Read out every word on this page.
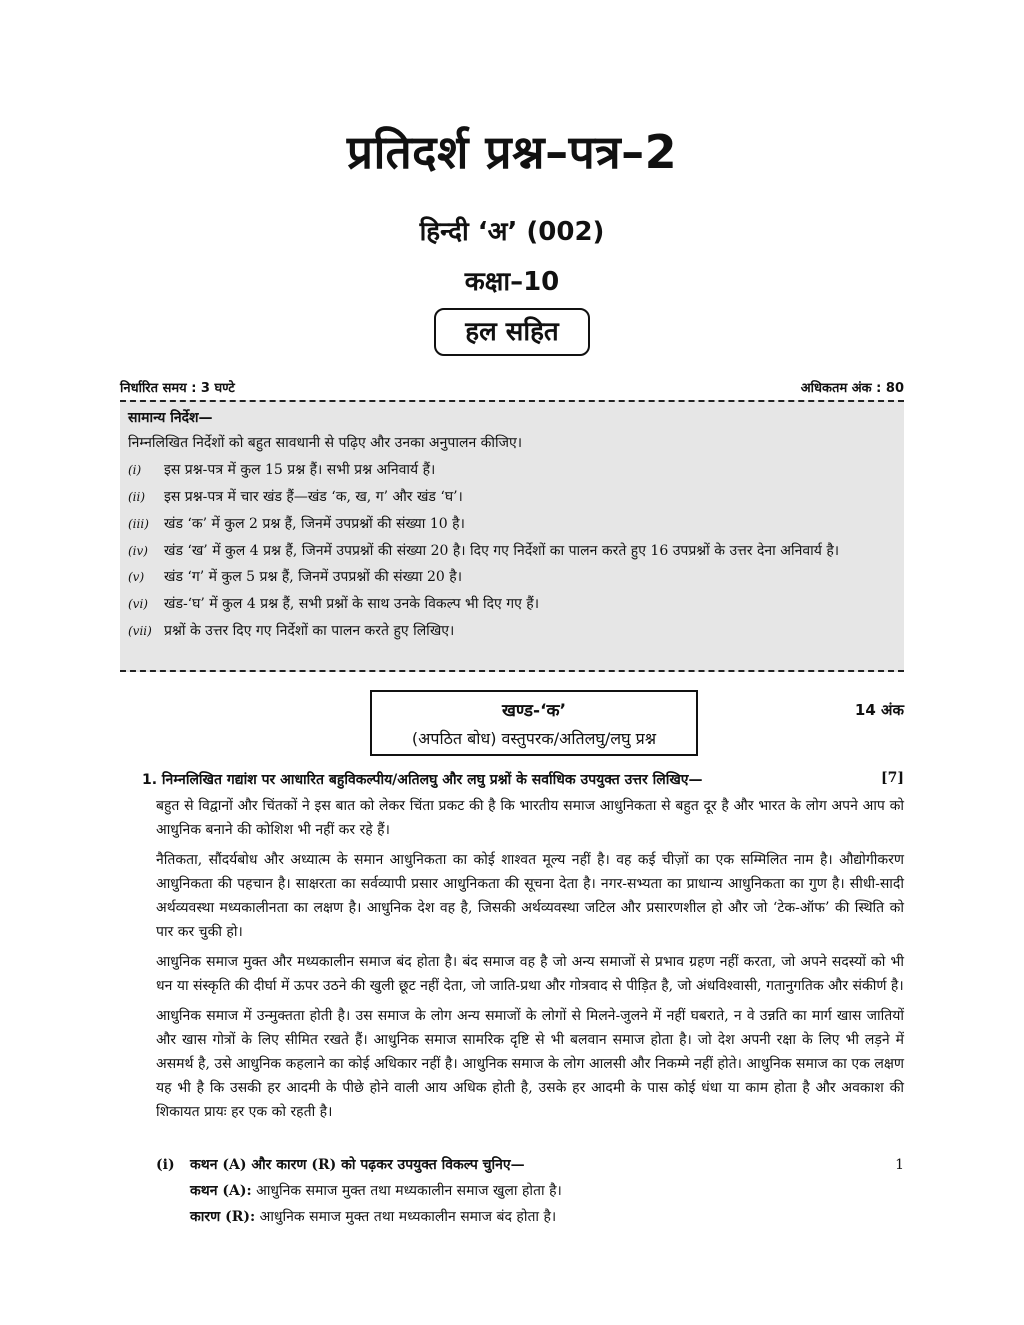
प्रतिदर्श प्रश्न–पत्र–2
हिन्दी ‘अ’ (002)
कक्षा–10
हल सहित
निर्धारित समय : 3 घण्टे	अधिकतम अंक : 80
सामान्य निर्देश—
निम्नलिखित निर्देशों को बहुत सावधानी से पढ़िए और उनका अनुपालन कीजिए।
(i) इस प्रश्न-पत्र में कुल 15 प्रश्न हैं। सभी प्रश्न अनिवार्य हैं।
(ii) इस प्रश्न-पत्र में चार खंड हैं—खंड ‘क, ख, ग’ और खंड ‘घ’।
(iii) खंड ‘क’ में कुल 2 प्रश्न हैं, जिनमें उपप्रश्नों की संख्या 10 है।
(iv) खंड ‘ख’ में कुल 4 प्रश्न हैं, जिनमें उपप्रश्नों की संख्या 20 है। दिए गए निर्देशों का पालन करते हुए 16 उपप्रश्नों के उत्तर देना अनिवार्य है।
(v) खंड ‘ग’ में कुल 5 प्रश्न हैं, जिनमें उपप्रश्नों की संख्या 20 है।
(vi) खंड-‘घ’ में कुल 4 प्रश्न हैं, सभी प्रश्नों के साथ उनके विकल्प भी दिए गए हैं।
(vii) प्रश्नों के उत्तर दिए गए निर्देशों का पालन करते हुए लिखिए।
खण्ड-‘क’
(अपठित बोध) वस्तुपरक/अतिलघु/लघु प्रश्न
14 अंक
1. निम्नलिखित गद्यांश पर आधारित बहुविकल्पीय/अतिलघु और लघु प्रश्नों के सर्वाधिक उपयुक्त उत्तर लिखिए—	[7]

बहुत से विद्वानों और चिंतकों ने इस बात को लेकर चिंता प्रकट की है कि भारतीय समाज आधुनिकता से बहुत दूर है और भारत के लोग अपने आप को आधुनिक बनाने की कोशिश भी नहीं कर रहे हैं।

नैतिकता, सौंदर्यबोध और अध्यात्म के समान आधुनिकता का कोई शाश्वत मूल्य नहीं है। वह कई चीज़ों का एक सम्मिलित नाम है। औद्योगीकरण आधुनिकता की पहचान है। साक्षरता का सर्वव्यापी प्रसार आधुनिकता की सूचना देता है। नगर-सभ्यता का प्राधान्य आधुनिकता का गुण है। सीधी-सादी अर्थव्यवस्था मध्यकालीनता का लक्षण है। आधुनिक देश वह है, जिसकी अर्थव्यवस्था जटिल और प्रसारणशील हो और जो ‘टेक-ऑफ’ की स्थिति को पार कर चुकी हो।

आधुनिक समाज मुक्त और मध्यकालीन समाज बंद होता है। बंद समाज वह है जो अन्य समाजों से प्रभाव ग्रहण नहीं करता, जो अपने सदस्यों को भी धन या संस्कृति की दीर्घा में ऊपर उठने की खुली छूट नहीं देता, जो जाति-प्रथा और गोत्रवाद से पीड़ित है, जो अंधविश्वासी, गतानुगतिक और संकीर्ण है।

आधुनिक समाज में उन्मुक्तता होती है। उस समाज के लोग अन्य समाजों के लोगों से मिलने-जुलने में नहीं घबराते, न वे उन्नति का मार्ग खास जातियों और खास गोत्रों के लिए सीमित रखते हैं। आधुनिक समाज सामरिक दृष्टि से भी बलवान समाज होता है। जो देश अपनी रक्षा के लिए भी लड़ने में असमर्थ है, उसे आधुनिक कहलाने का कोई अधिकार नहीं है। आधुनिक समाज के लोग आलसी और निकम्मे नहीं होते। आधुनिक समाज का एक लक्षण यह भी है कि उसकी हर आदमी के पीछे होने वाली आय अधिक होती है, उसके हर आदमी के पास कोई धंधा या काम होता है और अवकाश की शिकायत प्रायः हर एक को रहती है।

(i)	कथन (A) और कारण (R) को पढ़कर उपयुक्त विकल्प चुनिए—	1
कथन (A): आधुनिक समाज मुक्त तथा मध्यकालीन समाज खुला होता है।
कारण (R): आधुनिक समाज मुक्त तथा मध्यकालीन समाज बंद होता है।
